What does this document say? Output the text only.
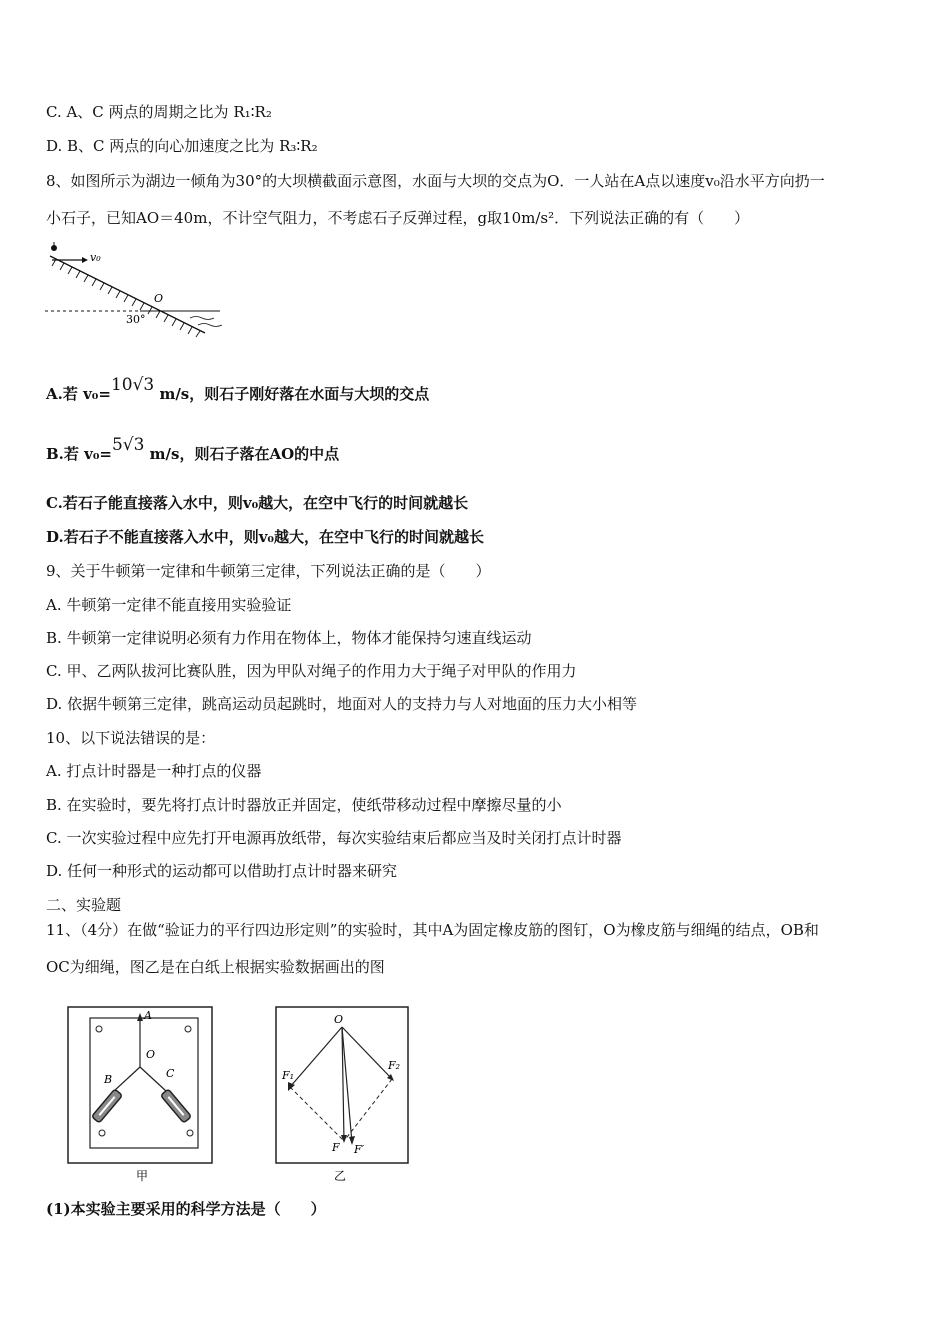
C. A、C 两点的周期之比为 R₁∶R₂
D. B、C 两点的向心加速度之比为 R₃∶R₂
8、如图所示为湖边一倾角为30°的大坝横截面示意图，水面与大坝的交点为O．一人站在A点以速度v₀沿水平方向扔一
小石子，已知AO＝40m，不计空气阻力，不考虑石子反弹过程，g取10m/s²．下列说法正确的有（　　）
v₀
O
30°
A.若 v₀=10√3 m/s，则石子刚好落在水面与大坝的交点
B.若 v₀=5√3 m/s，则石子落在AO的中点
C.若石子能直接落入水中，则v₀越大，在空中飞行的时间就越长
D.若石子不能直接落入水中，则v₀越大，在空中飞行的时间就越长
9、关于牛顿第一定律和牛顿第三定律，下列说法正确的是（　　）
A. 牛顿第一定律不能直接用实验验证
B. 牛顿第一定律说明必须有力作用在物体上，物体才能保持匀速直线运动
C. 甲、乙两队拔河比赛队胜，因为甲队对绳子的作用力大于绳子对甲队的作用力
D. 依据牛顿第三定律，跳高运动员起跳时，地面对人的支持力与人对地面的压力大小相等
10、以下说法错误的是：
A. 打点计时器是一种打点的仪器
B. 在实验时，要先将打点计时器放正并固定，使纸带移动过程中摩擦尽量的小
C. 一次实验过程中应先打开电源再放纸带，每次实验结束后都应当及时关闭打点计时器
D. 任何一种形式的运动都可以借助打点计时器来研究
二、实验题
11、（4分）在做“验证力的平行四边形定则”的实验时，其中A为固定橡皮筋的图钉，O为橡皮筋与细绳的结点，OB和
OC为细绳，图乙是在白纸上根据实验数据画出的图
A
O
B	C
甲
O
F₁
F₂
F F′
乙
(1)本实验主要采用的科学方法是（　　）
